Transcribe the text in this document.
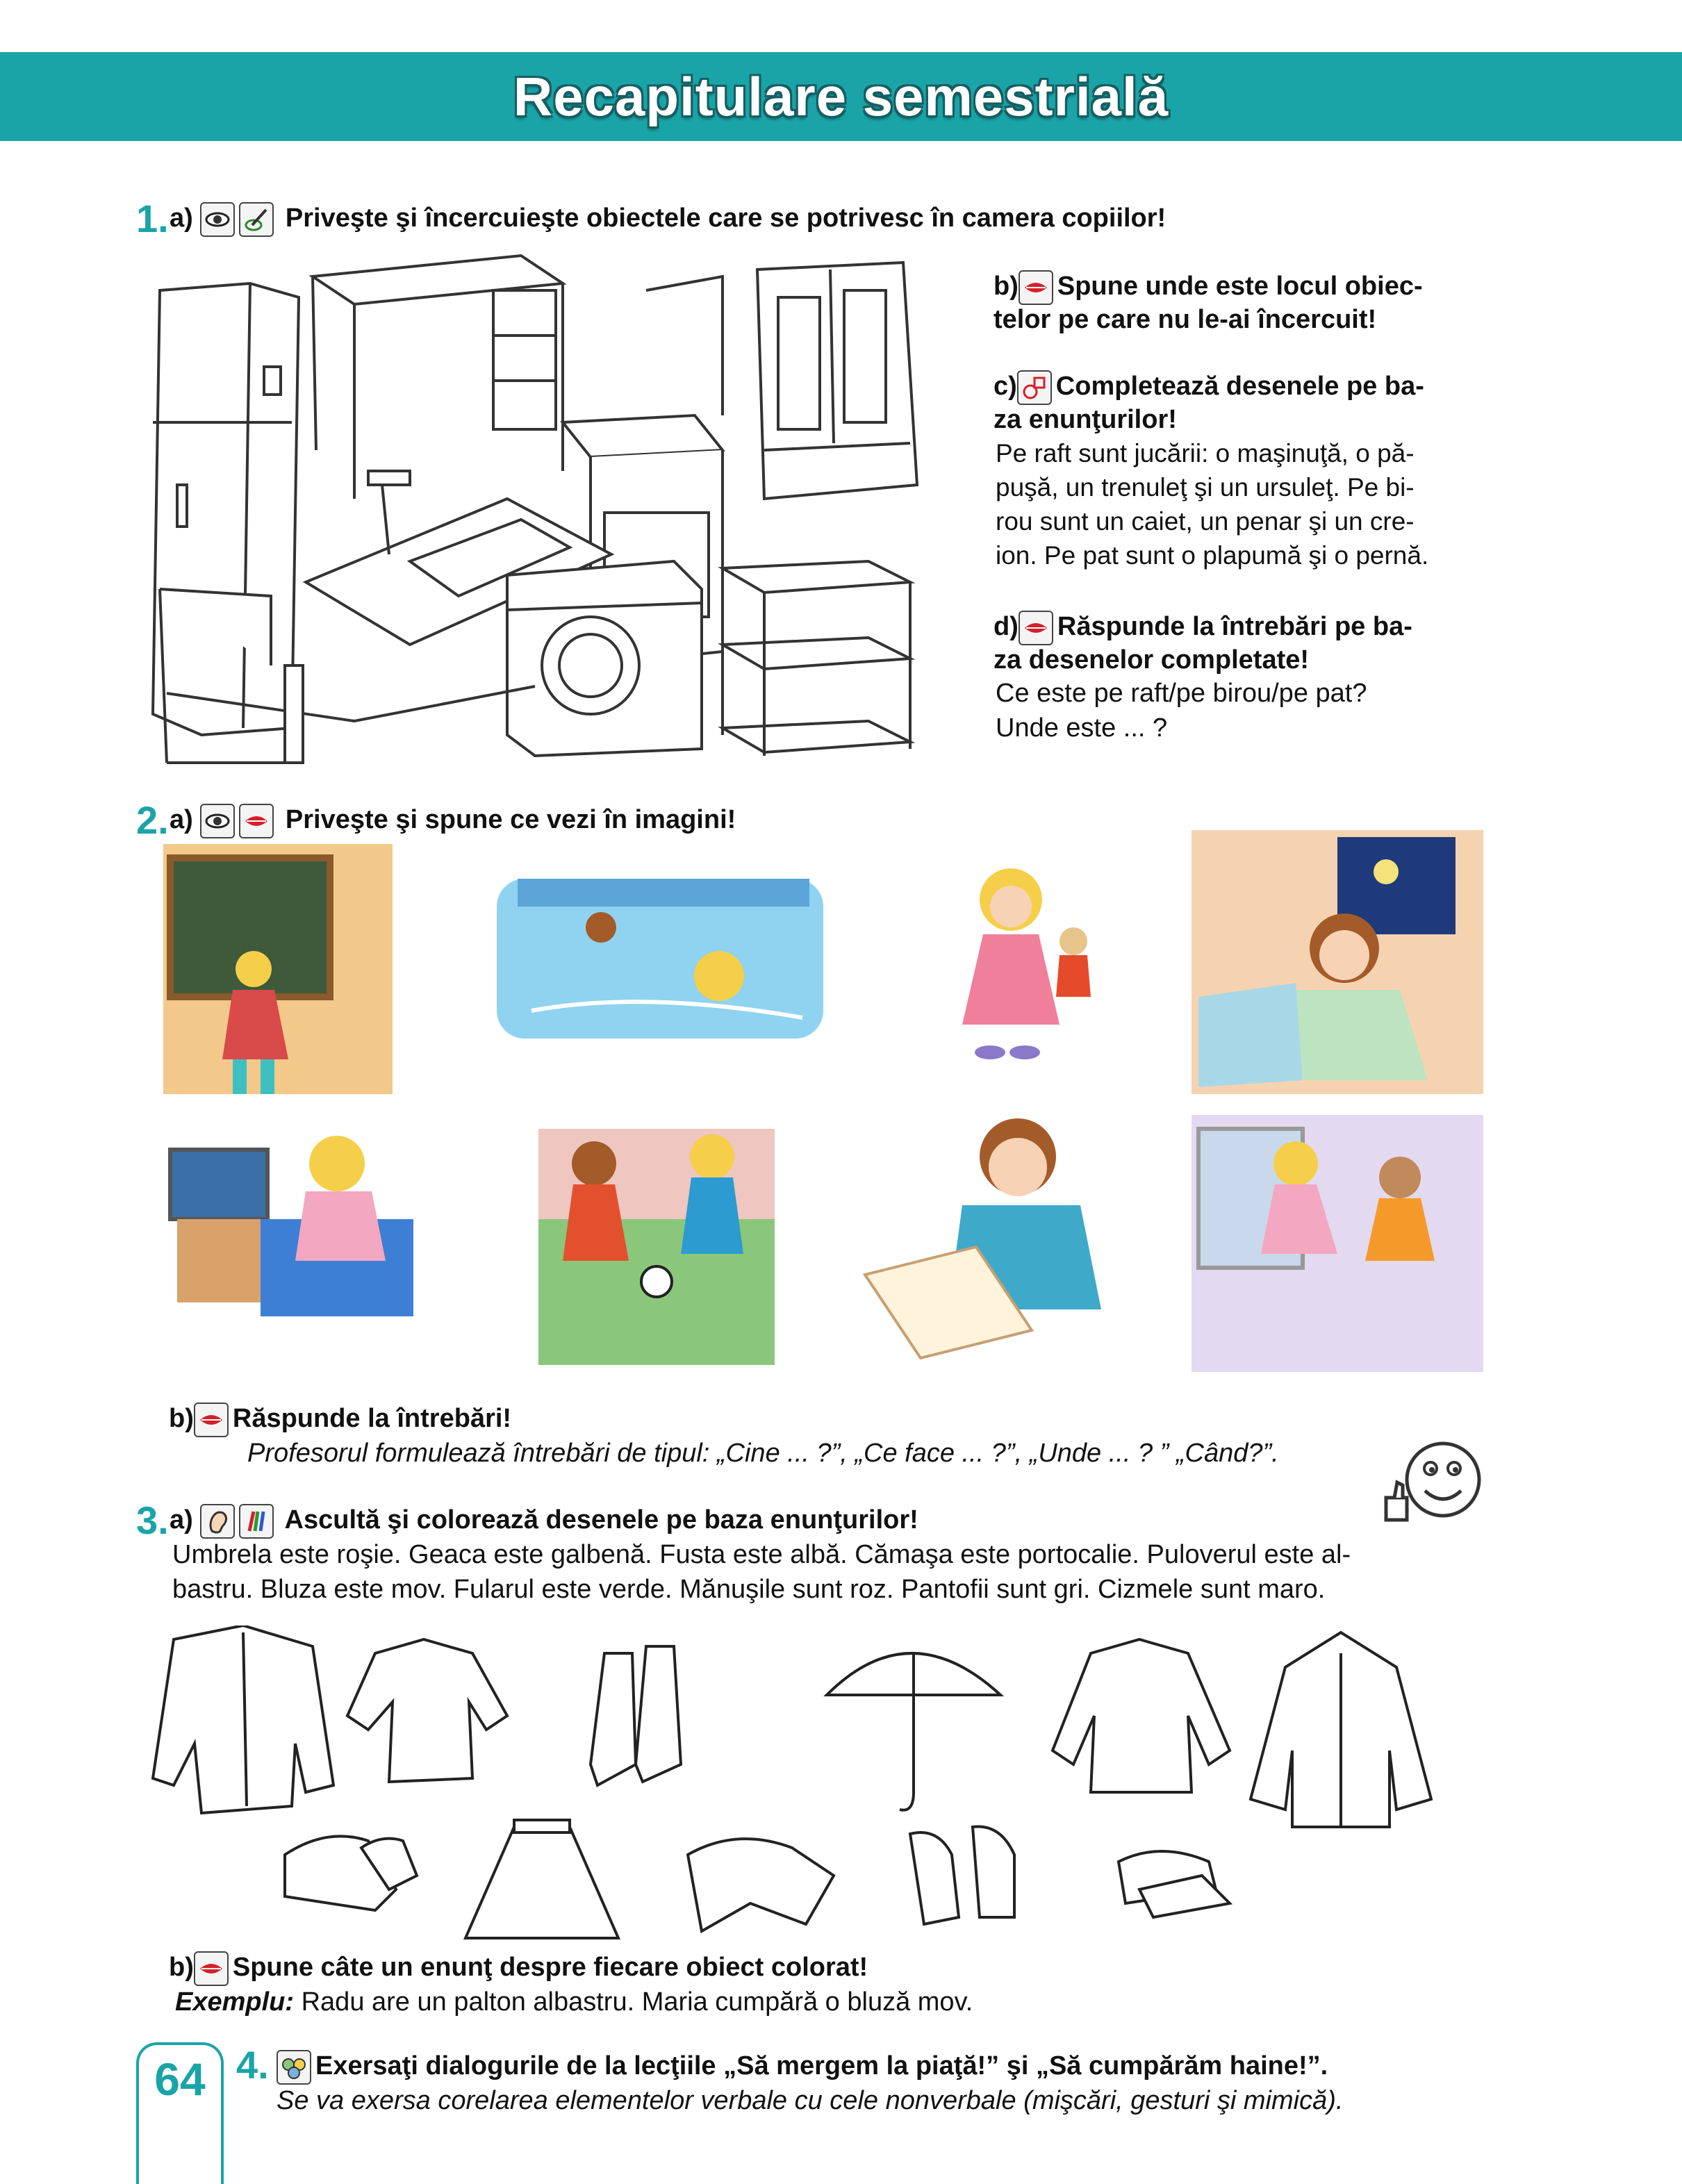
Recapitulare semestrială
1. a)	Priveşte şi încercuieşte obiectele care se potrivesc în camera copiilor!
b) Spune unde este locul obiec-
telor pe care nu le-ai încercuit!
c) Completează desenele pe ba-
za enunţurilor!
Pe raft sunt jucării: o maşinuţă, o pă-
puşă, un trenuleţ şi un ursuleţ. Pe bi-
rou sunt un caiet, un penar şi un cre-
ion. Pe pat sunt o plapumă şi o pernă.
d) Răspunde la întrebări pe ba-
za desenelor completate!
Ce este pe raft/pe birou/pe pat?
Unde este ... ?
2. a)	Priveşte şi spune ce vezi în imagini!
b) Răspunde la întrebări!
Profesorul formulează întrebări de tipul: „Cine ... ?”, „Ce face ... ?”, „Unde ... ? ” „Când?”.
3. a)	Ascultă şi colorează desenele pe baza enunţurilor!
Umbrela este roşie. Geaca este galbenă. Fusta este albă. Cămaşa este portocalie. Puloverul este al-
bastru. Bluza este mov. Fularul este verde. Mănuşile sunt roz. Pantofii sunt gri. Cizmele sunt maro.
b) Spune câte un enunţ despre fiecare obiect colorat!
Exemplu: Radu are un palton albastru. Maria cumpără o bluză mov.
64 4.	Exersaţi dialogurile de la lecţiile „Să mergem la piaţă!” şi „Să cumpărăm haine!”.
Se va exersa corelarea elementelor verbale cu cele nonverbale (mişcări, gesturi şi mimică).
